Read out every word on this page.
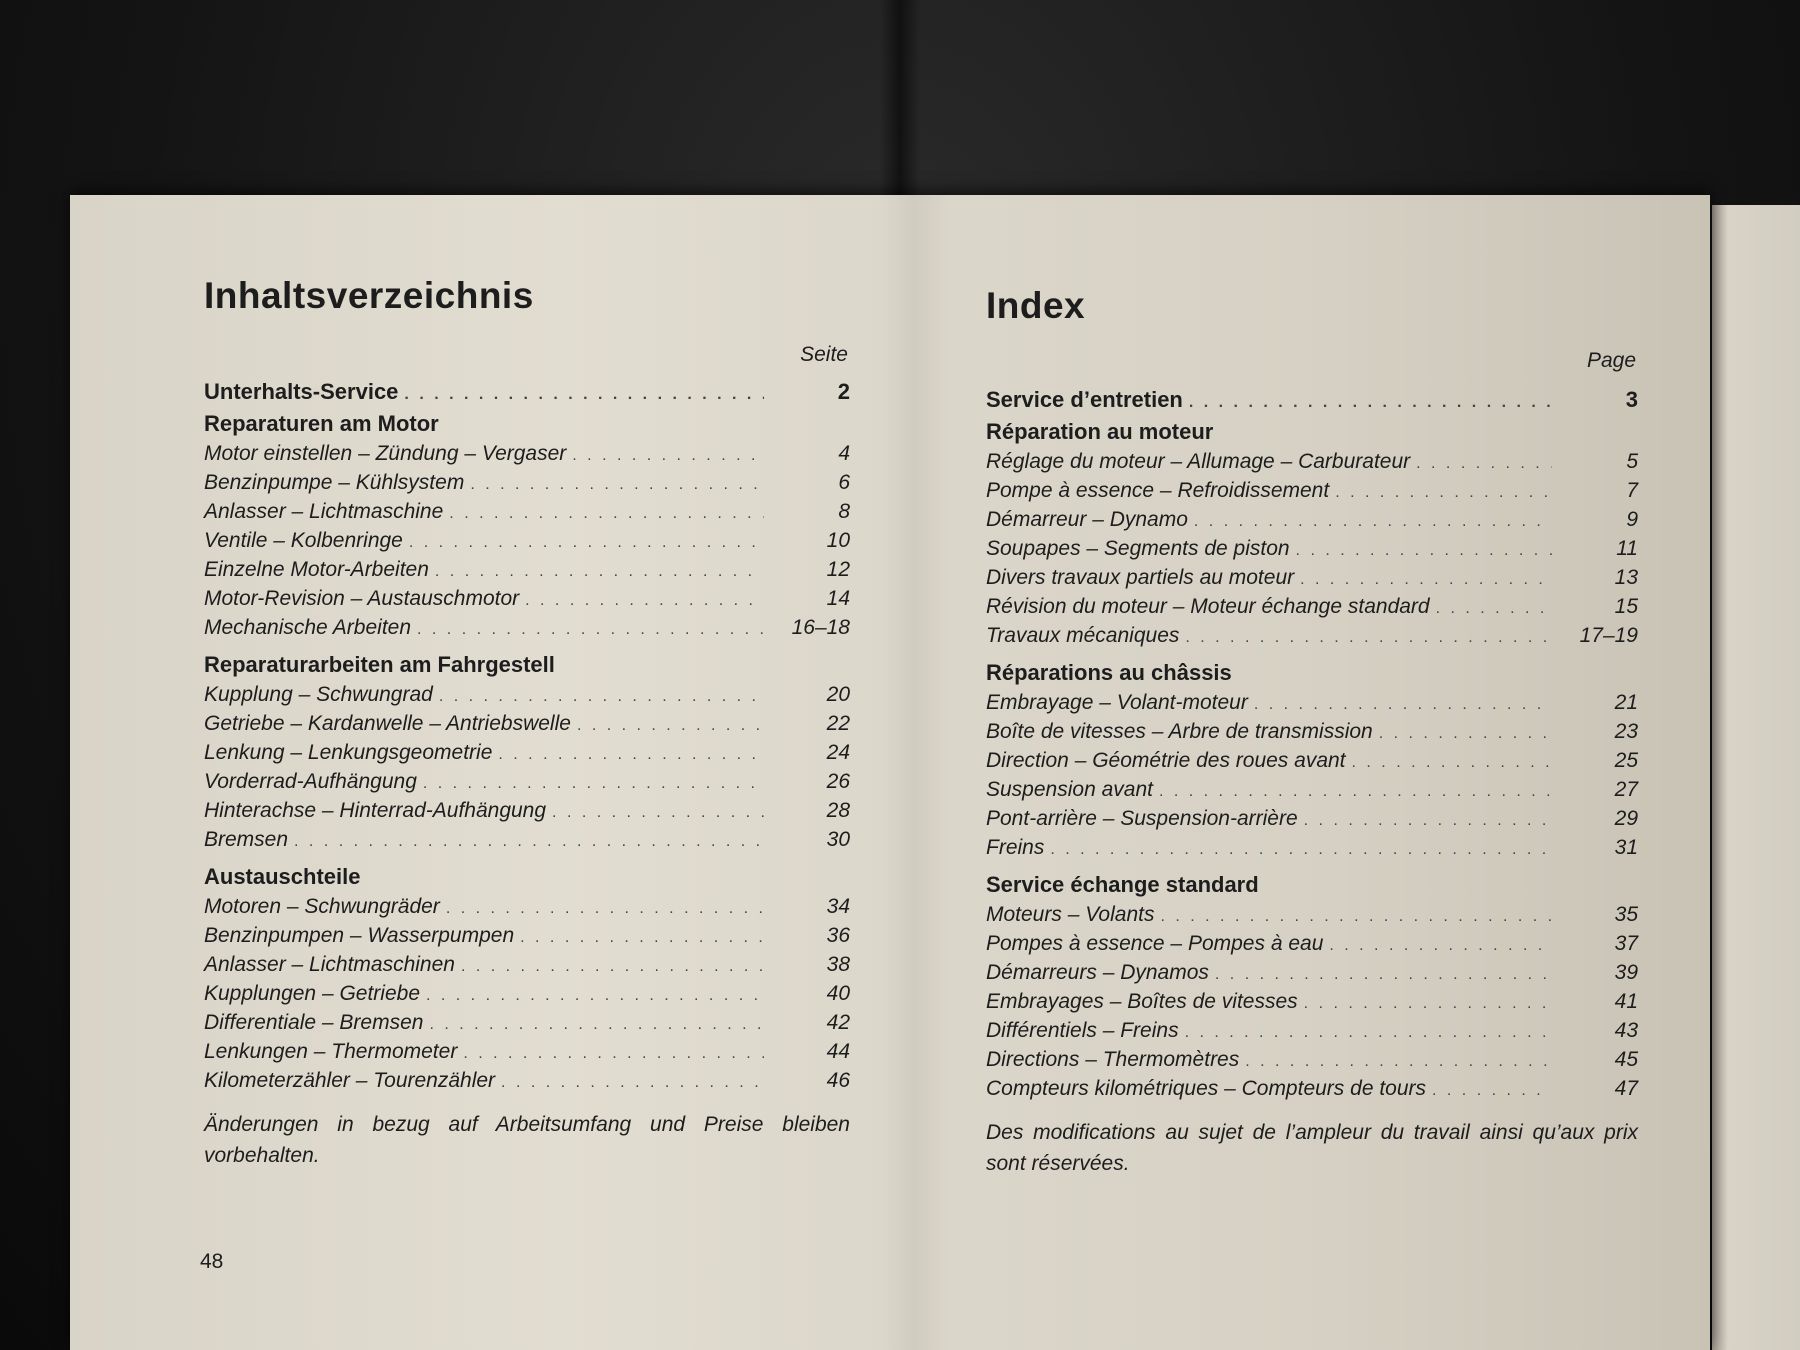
Inhaltsverzeichnis
Seite
Unterhalts-Service . . .	2
Reparaturen am Motor
Motor einstellen – Zündung – Vergaser . . .	4
Benzinpumpe – Kühlsystem . . .	6
Anlasser – Lichtmaschine . . .	8
Ventile – Kolbenringe . . .	10
Einzelne Motor-Arbeiten . . .	12
Motor-Revision – Austauschmotor . . .	14
Mechanische Arbeiten . . .	16–18
Reparaturarbeiten am Fahrgestell
Kupplung – Schwungrad . . .	20
Getriebe – Kardanwelle – Antriebswelle . . .	22
Lenkung – Lenkungsgeometrie . . .	24
Vorderrad-Aufhängung . . .	26
Hinterachse – Hinterrad-Aufhängung . . .	28
Bremsen . . .	30
Austauschteile
Motoren – Schwungräder . . .	34
Benzinpumpen – Wasserpumpen . . .	36
Anlasser – Lichtmaschinen . . .	38
Kupplungen – Getriebe . . .	40
Differentiale – Bremsen . . .	42
Lenkungen – Thermometer . . .	44
Kilometerzähler – Tourenzähler . . .	46
Änderungen in bezug auf Arbeitsumfang und Preise bleiben vorbehalten.
Index
Page
Service d’entretien . . .	3
Réparation au moteur
Réglage du moteur – Allumage – Carburateur . . .	5
Pompe à essence – Refroidissement . . .	7
Démarreur – Dynamo . . .	9
Soupapes – Segments de piston . . .	11
Divers travaux partiels au moteur . . .	13
Révision du moteur – Moteur échange standard . . .	15
Travaux mécaniques . . .	17–19
Réparations au châssis
Embrayage – Volant-moteur . . .	21
Boîte de vitesses – Arbre de transmission . . .	23
Direction – Géométrie des roues avant . . .	25
Suspension avant . . .	27
Pont-arrière – Suspension-arrière . . .	29
Freins . . .	31
Service échange standard
Moteurs – Volants . . .	35
Pompes à essence – Pompes à eau . . .	37
Démarreurs – Dynamos . . .	39
Embrayages – Boîtes de vitesses . . .	41
Différentiels – Freins . . .	43
Directions – Thermomètres . . .	45
Compteurs kilométriques – Compteurs de tours . . .	47
Des modifications au sujet de l’ampleur du travail ainsi qu’aux prix sont réservées.
48
